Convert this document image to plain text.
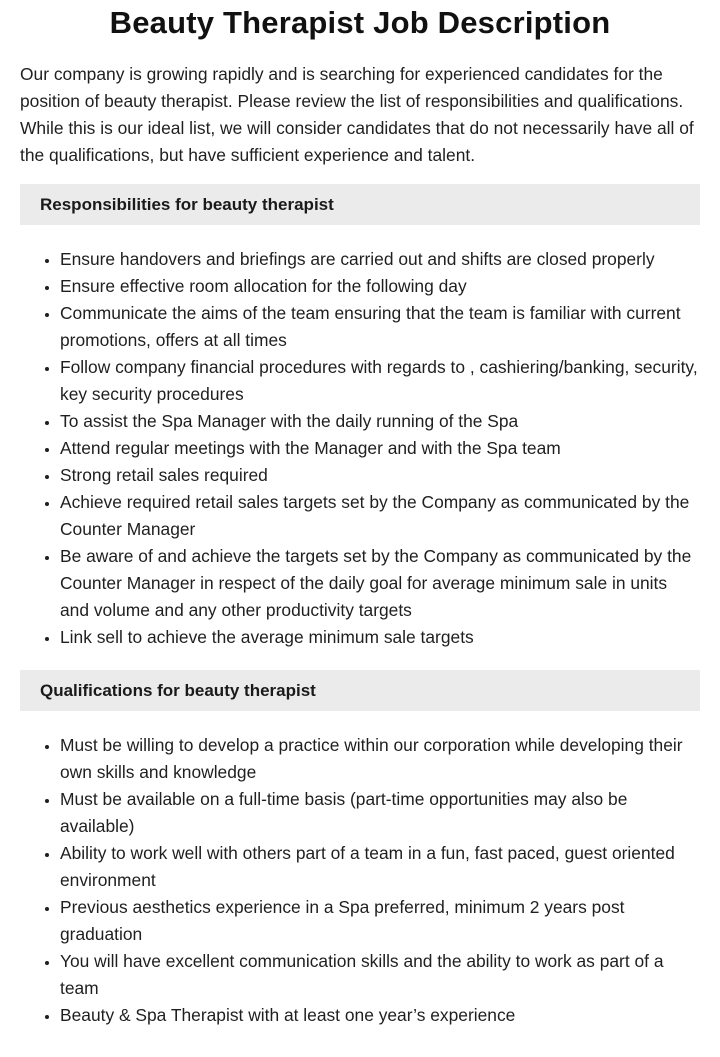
Beauty Therapist Job Description

Our company is growing rapidly and is searching for experienced candidates for the position of beauty therapist. Please review the list of responsibilities and qualifications. While this is our ideal list, we will consider candidates that do not necessarily have all of the qualifications, but have sufficient experience and talent.

Responsibilities for beauty therapist
• Ensure handovers and briefings are carried out and shifts are closed properly
• Ensure effective room allocation for the following day
• Communicate the aims of the team ensuring that the team is familiar with current promotions, offers at all times
• Follow company financial procedures with regards to , cashiering/banking, security, key security procedures
• To assist the Spa Manager with the daily running of the Spa
• Attend regular meetings with the Manager and with the Spa team
• Strong retail sales required
• Achieve required retail sales targets set by the Company as communicated by the Counter Manager
• Be aware of and achieve the targets set by the Company as communicated by the Counter Manager in respect of the daily goal for average minimum sale in units and volume and any other productivity targets
• Link sell to achieve the average minimum sale targets
Qualifications for beauty therapist
• Must be willing to develop a practice within our corporation while developing their own skills and knowledge
• Must be available on a full-time basis (part-time opportunities may also be available)
• Ability to work well with others part of a team in a fun, fast paced, guest oriented environment
• Previous aesthetics experience in a Spa preferred, minimum 2 years post graduation
• You will have excellent communication skills and the ability to work as part of a team
• Beauty & Spa Therapist with at least one year’s experience
